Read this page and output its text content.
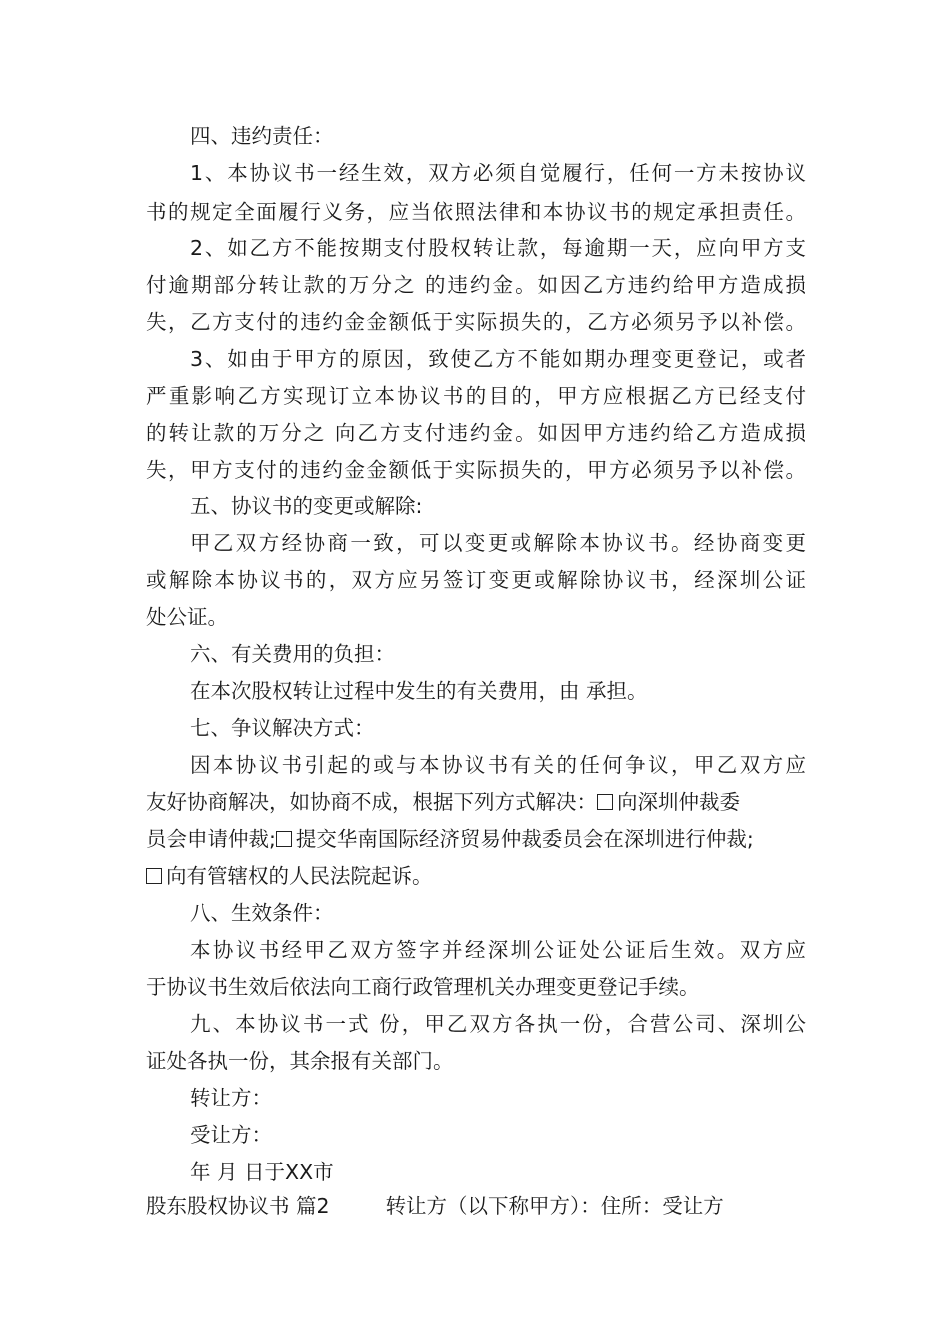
四、违约责任：
1、本协议书一经生效，双方必须自觉履行，任何一方未按协议
书的规定全面履行义务，应当依照法律和本协议书的规定承担责任。
2、如乙方不能按期支付股权转让款，每逾期一天，应向甲方支
付逾期部分转让款的万分之 的违约金。如因乙方违约给甲方造成损
失，乙方支付的违约金金额低于实际损失的，乙方必须另予以补偿。
3、如由于甲方的原因，致使乙方不能如期办理变更登记，或者
严重影响乙方实现订立本协议书的目的，甲方应根据乙方已经支付
的转让款的万分之 向乙方支付违约金。如因甲方违约给乙方造成损
失，甲方支付的违约金金额低于实际损失的，甲方必须另予以补偿。
五、协议书的变更或解除:
甲乙双方经协商一致，可以变更或解除本协议书。经协商变更
或解除本协议书的，双方应另签订变更或解除协议书，经深圳公证
处公证。
六、有关费用的负担：
在本次股权转让过程中发生的有关费用，由 承担。
七、争议解决方式：
因本协议书引起的或与本协议书有关的任何争议，甲乙双方应
友好协商解决，如协商不成，根据下列方式解决： 向深圳仲裁委
员会申请仲裁; 提交华南国际经济贸易仲裁委员会在深圳进行仲裁;
向有管辖权的人民法院起诉。
八、生效条件：
本协议书经甲乙双方签字并经深圳公证处公证后生效。双方应
于协议书生效后依法向工商行政管理机关办理变更登记手续。
九、本协议书一式 份，甲乙双方各执一份，合营公司、深圳公
证处各执一份，其余报有关部门。
转让方：
受让方：
年 月 日于XX市
股东股权协议书 篇2	转让方（以下称甲方）：住所：受让方
